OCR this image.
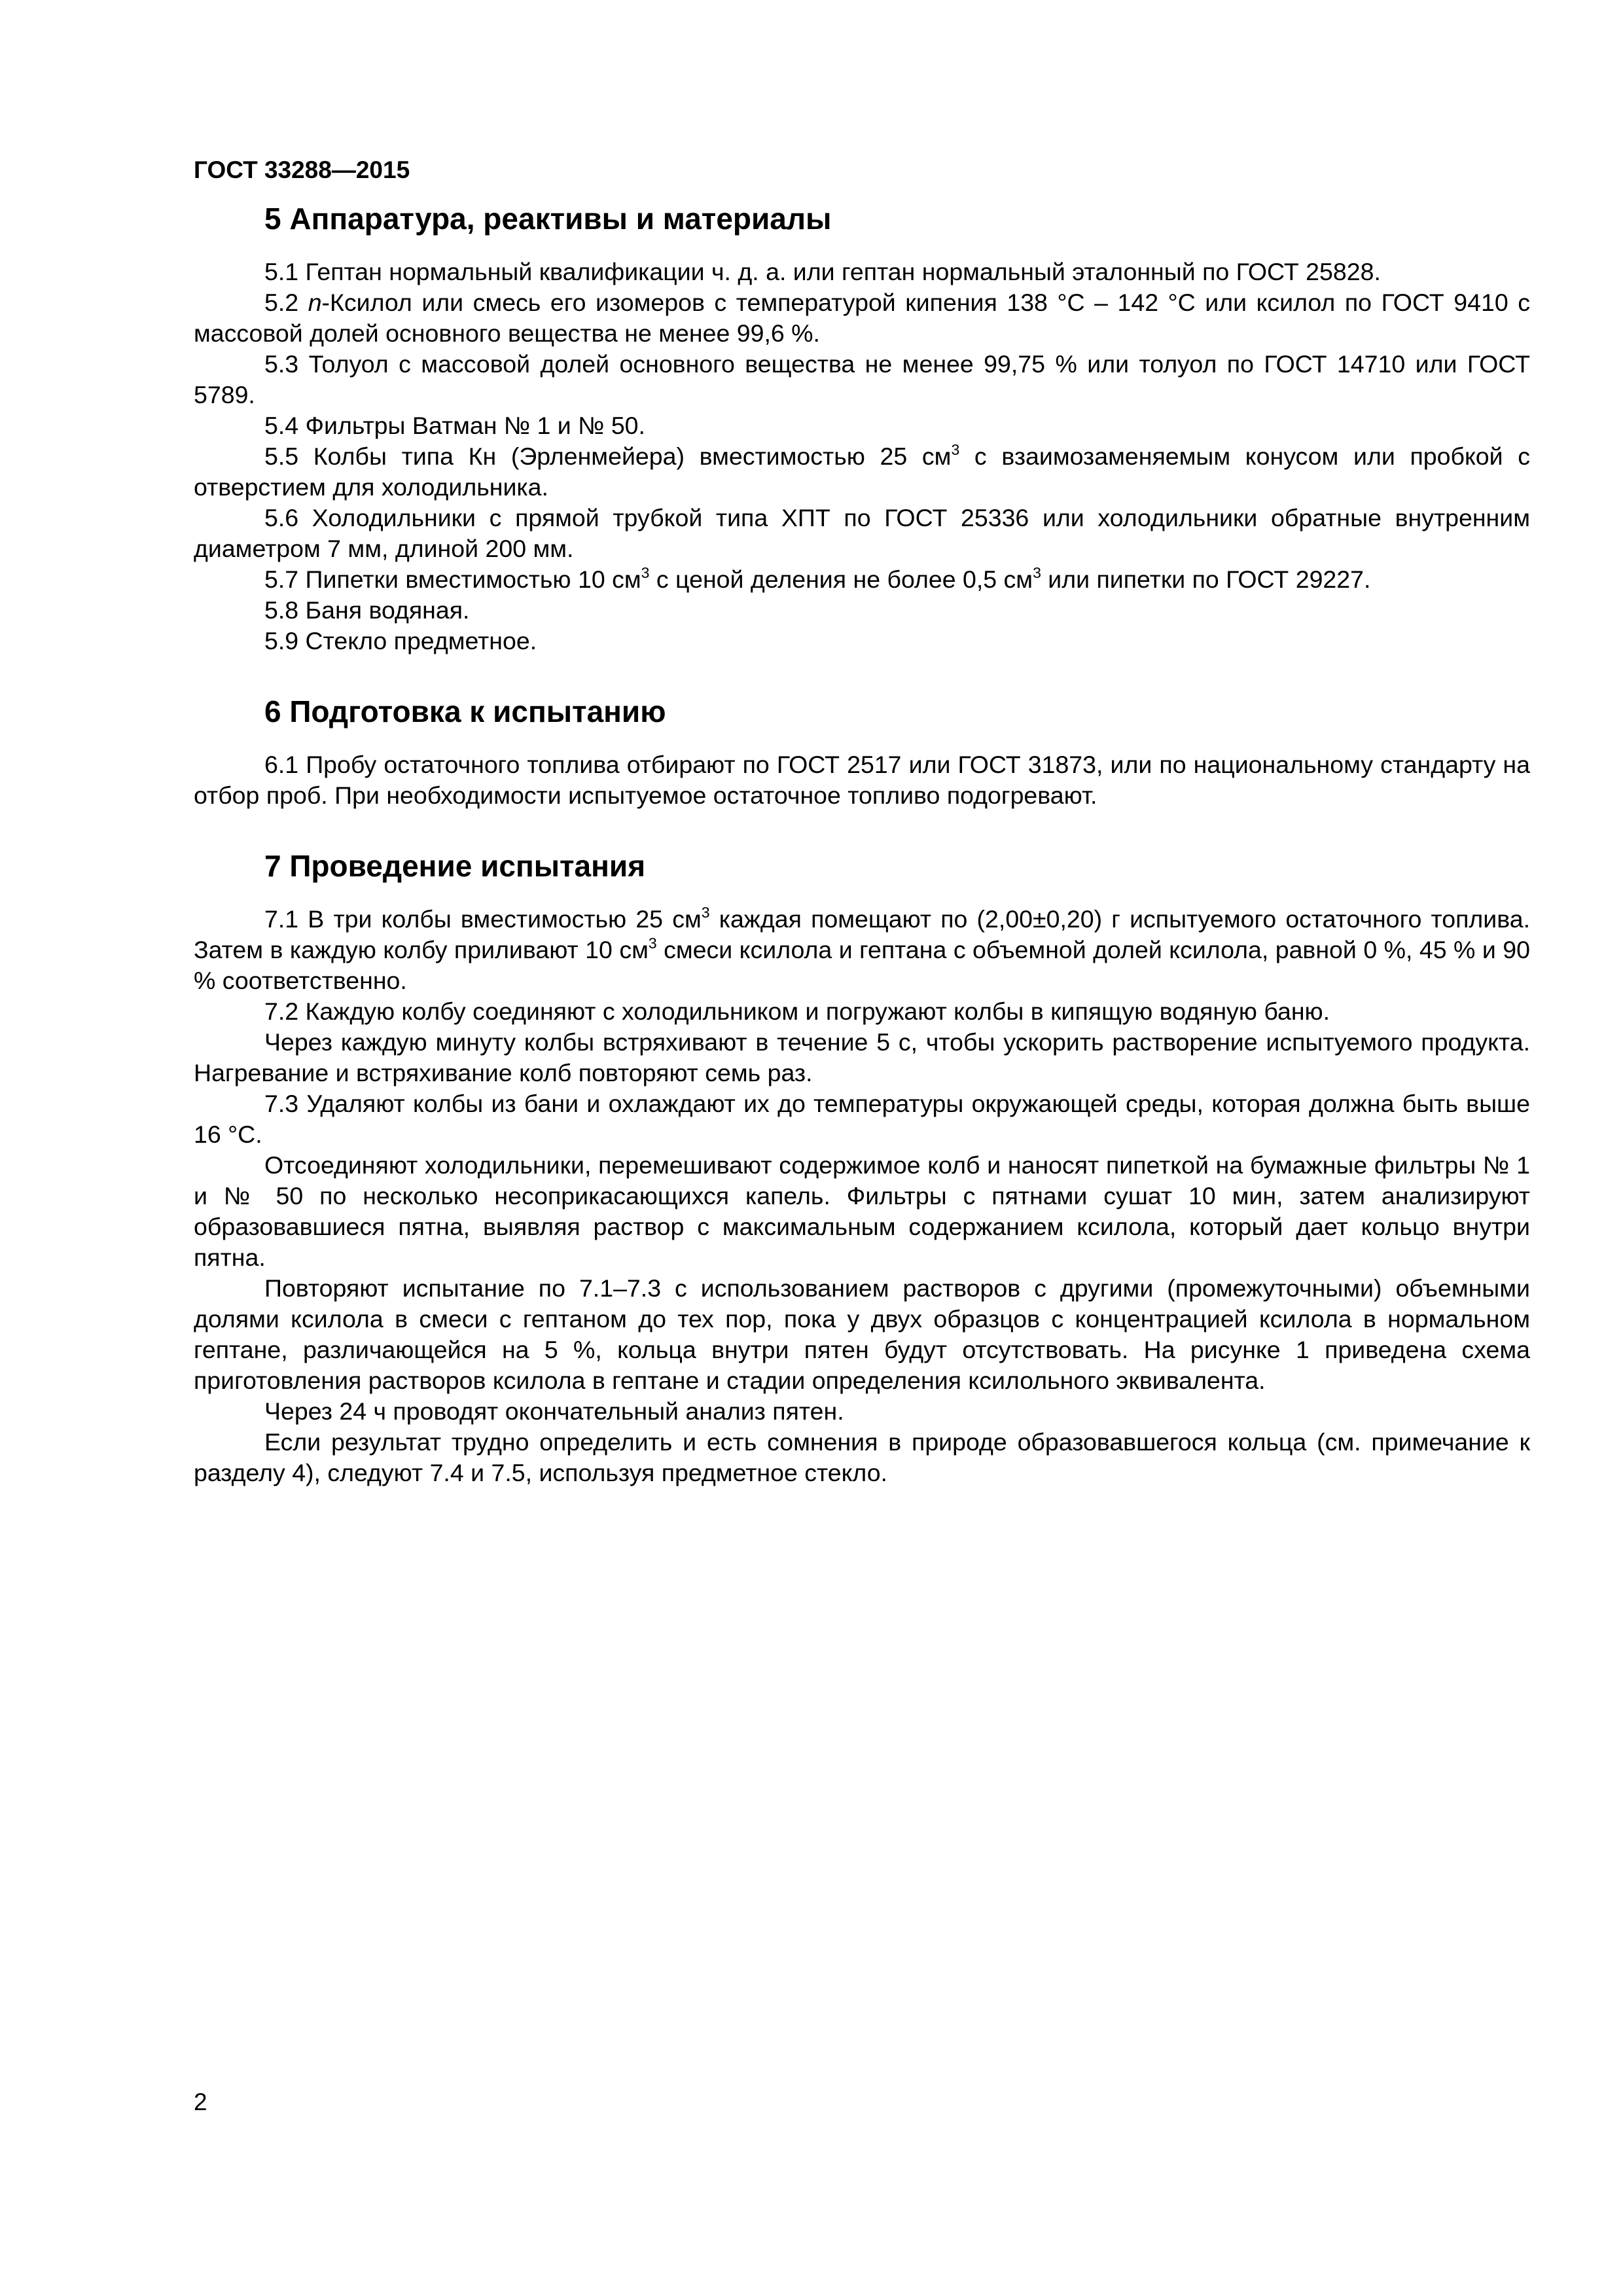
ГОСТ 33288—2015
5 Аппаратура, реактивы и материалы

5.1 Гептан нормальный квалификации ч. д. а. или гептан нормальный эталонный по ГОСТ 25828.

5.2 n-Ксилол или смесь его изомеров с температурой кипения 138 °С – 142 °С или ксилол по ГОСТ 9410 с массовой долей основного вещества не менее 99,6 %.

5.3 Толуол с массовой долей основного вещества не менее 99,75 % или толуол по ГОСТ 14710 или ГОСТ 5789.

5.4 Фильтры Ватман № 1 и № 50.

5.5 Колбы типа Кн (Эрленмейера) вместимостью 25 $см^3$ с взаимозаменяемым конусом или пробкой с отверстием для холодильника.

5.6 Холодильники с прямой трубкой типа ХПТ по ГОСТ 25336 или холодильники обратные внутренним диаметром 7 мм, длиной 200 мм.

5.7 Пипетки вместимостью 10 $см^3$ с ценой деления не более 0,5 $см^3$ или пипетки по ГОСТ 29227.

5.8 Баня водяная.

5.9 Стекло предметное.

6 Подготовка к испытанию

6.1 Пробу остаточного топлива отбирают по ГОСТ 2517 или ГОСТ 31873, или по национальному стандарту на отбор проб. При необходимости испытуемое остаточное топливо подогревают.

7 Проведение испытания

7.1 В три колбы вместимостью 25 $см^3$ каждая помещают по (2,00±0,20) г испытуемого остаточного топлива. Затем в каждую колбу приливают 10 $см^3$ смеси ксилола и гептана с объемной долей ксилола, равной 0 %, 45 % и 90 % соответственно.

7.2 Каждую колбу соединяют с холодильником и погружают колбы в кипящую водяную баню.

Через каждую минуту колбы встряхивают в течение 5 с, чтобы ускорить растворение испытуемого продукта. Нагревание и встряхивание колб повторяют семь раз.

7.3 Удаляют колбы из бани и охлаждают их до температуры окружающей среды, которая должна быть выше 16 °С.

Отсоединяют холодильники, перемешивают содержимое колб и наносят пипеткой на бумажные фильтры № 1 и № 50 по несколько несоприкасающихся капель. Фильтры с пятнами сушат 10 мин, затем анализируют образовавшиеся пятна, выявляя раствор с максимальным содержанием ксилола, который дает кольцо внутри пятна.

Повторяют испытание по 7.1–7.3 с использованием растворов с другими (промежуточными) объемными долями ксилола в смеси с гептаном до тех пор, пока у двух образцов с концентрацией ксилола в нормальном гептане, различающейся на 5 %, кольца внутри пятен будут отсутствовать. На рисунке 1 приведена схема приготовления растворов ксилола в гептане и стадии определения ксилольного эквивалента.

Через 24 ч проводят окончательный анализ пятен.

Если результат трудно определить и есть сомнения в природе образовавшегося кольца (см. примечание к разделу 4), следуют 7.4 и 7.5, используя предметное стекло.

2
